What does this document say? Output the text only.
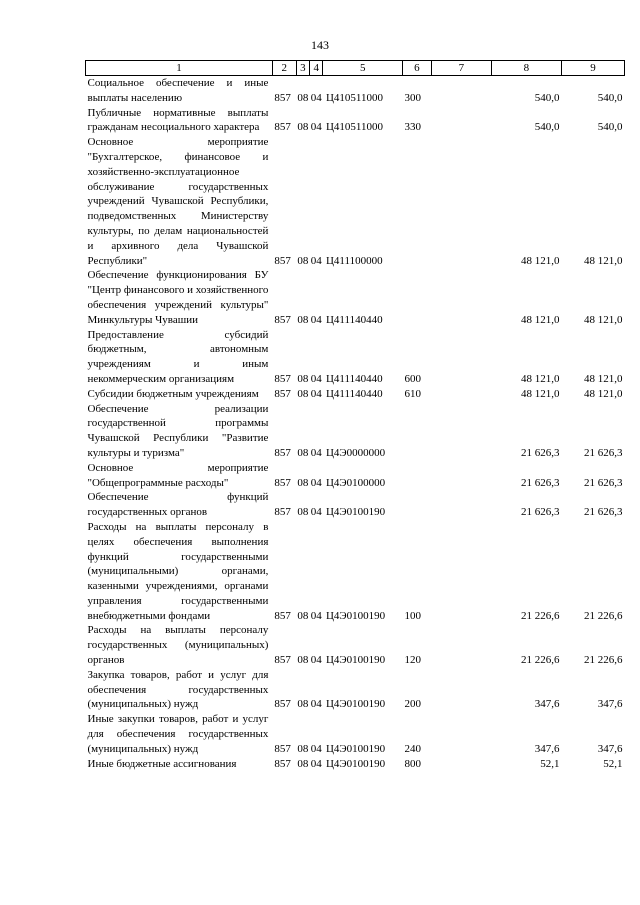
143
1	2	3	4	5	6	7	8	9
Социальное обеспечение и иные выплаты населению	857	08	04	Ц410511000	300		540,0	540,0
Публичные нормативные выплаты гражданам несоциального характера	857	08	04	Ц410511000	330		540,0	540,0
Основное мероприятие "Бухгалтерское, финансовое и хозяйственно-эксплуатационное обслуживание государственных учреждений Чувашской Республики, подведомственных Министерству культуры, по делам национальностей и архивного дела Чувашской Республики"	857	08	04	Ц411100000			48 121,0	48 121,0
Обеспечение функционирования БУ "Центр финансового и хозяйственного обеспечения учреждений культуры" Минкультуры Чувашии	857	08	04	Ц411140440			48 121,0	48 121,0
Предоставление субсидий бюджетным, автономным учреждениям и иным некоммерческим организациям	857	08	04	Ц411140440	600		48 121,0	48 121,0
Субсидии бюджетным учреждениям	857	08	04	Ц411140440	610		48 121,0	48 121,0
Обеспечение реализации государственной программы Чувашской Республики "Развитие культуры и туризма"	857	08	04	Ц4Э0000000			21 626,3	21 626,3
Основное мероприятие "Общепрограммные расходы"	857	08	04	Ц4Э0100000			21 626,3	21 626,3
Обеспечение функций государственных органов	857	08	04	Ц4Э0100190			21 626,3	21 626,3
Расходы на выплаты персоналу в целях обеспечения выполнения функций государственными (муниципальными) органами, казенными учреждениями, органами управления государственными внебюджетными фондами	857	08	04	Ц4Э0100190	100		21 226,6	21 226,6
Расходы на выплаты персоналу государственных (муниципальных) органов	857	08	04	Ц4Э0100190	120		21 226,6	21 226,6
Закупка товаров, работ и услуг для обеспечения государственных (муниципальных) нужд	857	08	04	Ц4Э0100190	200		347,6	347,6
Иные закупки товаров, работ и услуг для обеспечения государственных (муниципальных) нужд	857	08	04	Ц4Э0100190	240		347,6	347,6
Иные бюджетные ассигнования	857	08	04	Ц4Э0100190	800		52,1	52,1
